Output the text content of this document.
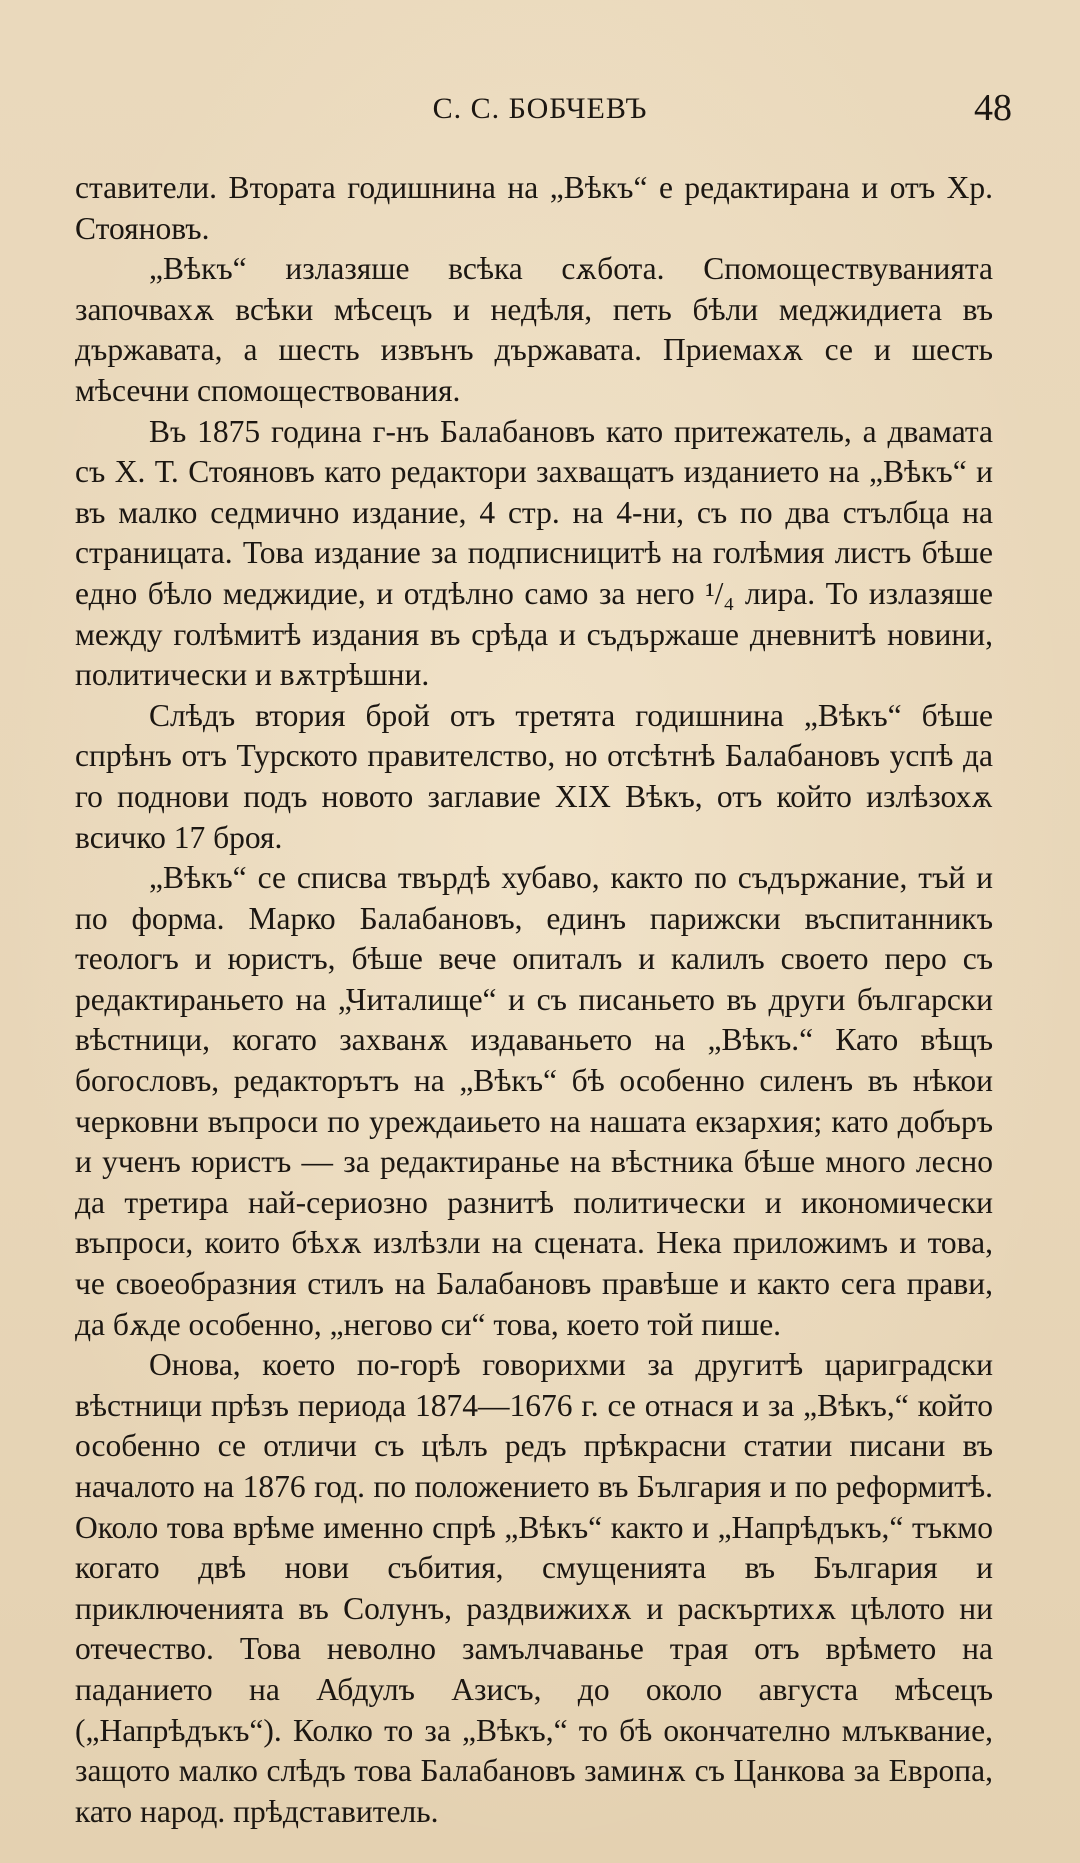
С. С. БОБЧЕВЪ	48

ставители. Втората годишнина на „Вѣкъ“ е редактирана и отъ Хр. Стояновъ.

„Вѣкъ“ излазяше всѣка сѫбота. Спомоществуванията започвахѫ всѣки мѣсецъ и недѣля, петь бѣли меджидиета въ държавата, а шесть извънъ държавата. Приемахѫ се и шесть мѣсечни спомоществования.

Въ 1875 година г-нъ Балабановъ като притежатель, а двамата съ Х. Т. Стояновъ като редактори захващатъ изданието на „Вѣкъ“ и въ малко седмично издание, 4 стр. на 4-ни, съ по два стълбца на страницата. Това издание за подписницитѣ на голѣмия листъ бѣше едно бѣло меджидие, и отдѣлно само за него ¹/₄ лира. То излазяше между голѣмитѣ издания въ срѣда и съдържаше дневнитѣ новини, политически и вѫтрѣшни.

Слѣдъ втория брой отъ третята годишнина „Вѣкъ“ бѣше спрѣнъ отъ Турското правителство, но отсѣтнѣ Балабановъ успѣ да го поднови подъ новото заглавие XIX Вѣкъ, отъ който излѣзохѫ всичко 17 броя.

„Вѣкъ“ се списва твърдѣ хубаво, както по съдържание, тъй и по форма. Марко Балабановъ, единъ парижски въспитанникъ теологъ и юристъ, бѣше вече опиталъ и калилъ своето перо съ редактираньето на „Читалище“ и съ писаньето въ други български вѣстници, когато захванѫ издаваньето на „Вѣкъ.“ Като вѣщъ богословъ, редакторътъ на „Вѣкъ“ бѣ особенно силенъ въ нѣкои черковни въпроси по уреждаиьето на нашата екзархия; като добъръ и ученъ юристъ — за редактиранье на вѣстника бѣше много лесно да третира най-сериозно разнитѣ политически и икономически въпроси, които бѣхѫ излѣзли на сцената. Нека приложимъ и това, че своеобразния стилъ на Балабановъ правѣше и както сега прави, да бѫде особенно, „негово си“ това, което той пише.

Онова, което по-горѣ говорихми за другитѣ цариградски вѣстници прѣзъ периода 1874—1676 г. се отнася и за „Вѣкъ,“ който особенно се отличи съ цѣлъ редъ прѣкрасни статии писани въ началото на 1876 год. по положението въ България и по реформитѣ. Около това врѣме именно спрѣ „Вѣкъ“ както и „Напрѣдъкъ,“ тъкмо когато двѣ нови събития, смущенията въ България и приключенията въ Солунъ, раздвижихѫ и раскъртихѫ цѣлото ни отечество. Това неволно замълчаванье трая отъ врѣмето на паданието на Абдулъ Азисъ, до около августа мѣсецъ („Напрѣдъкъ“). Колко то за „Вѣкъ,“ то бѣ окончателно млъквание, защото малко слѣдъ това Балабановъ заминѫ съ Цанкова за Европа, като народ. прѣдставитель.
